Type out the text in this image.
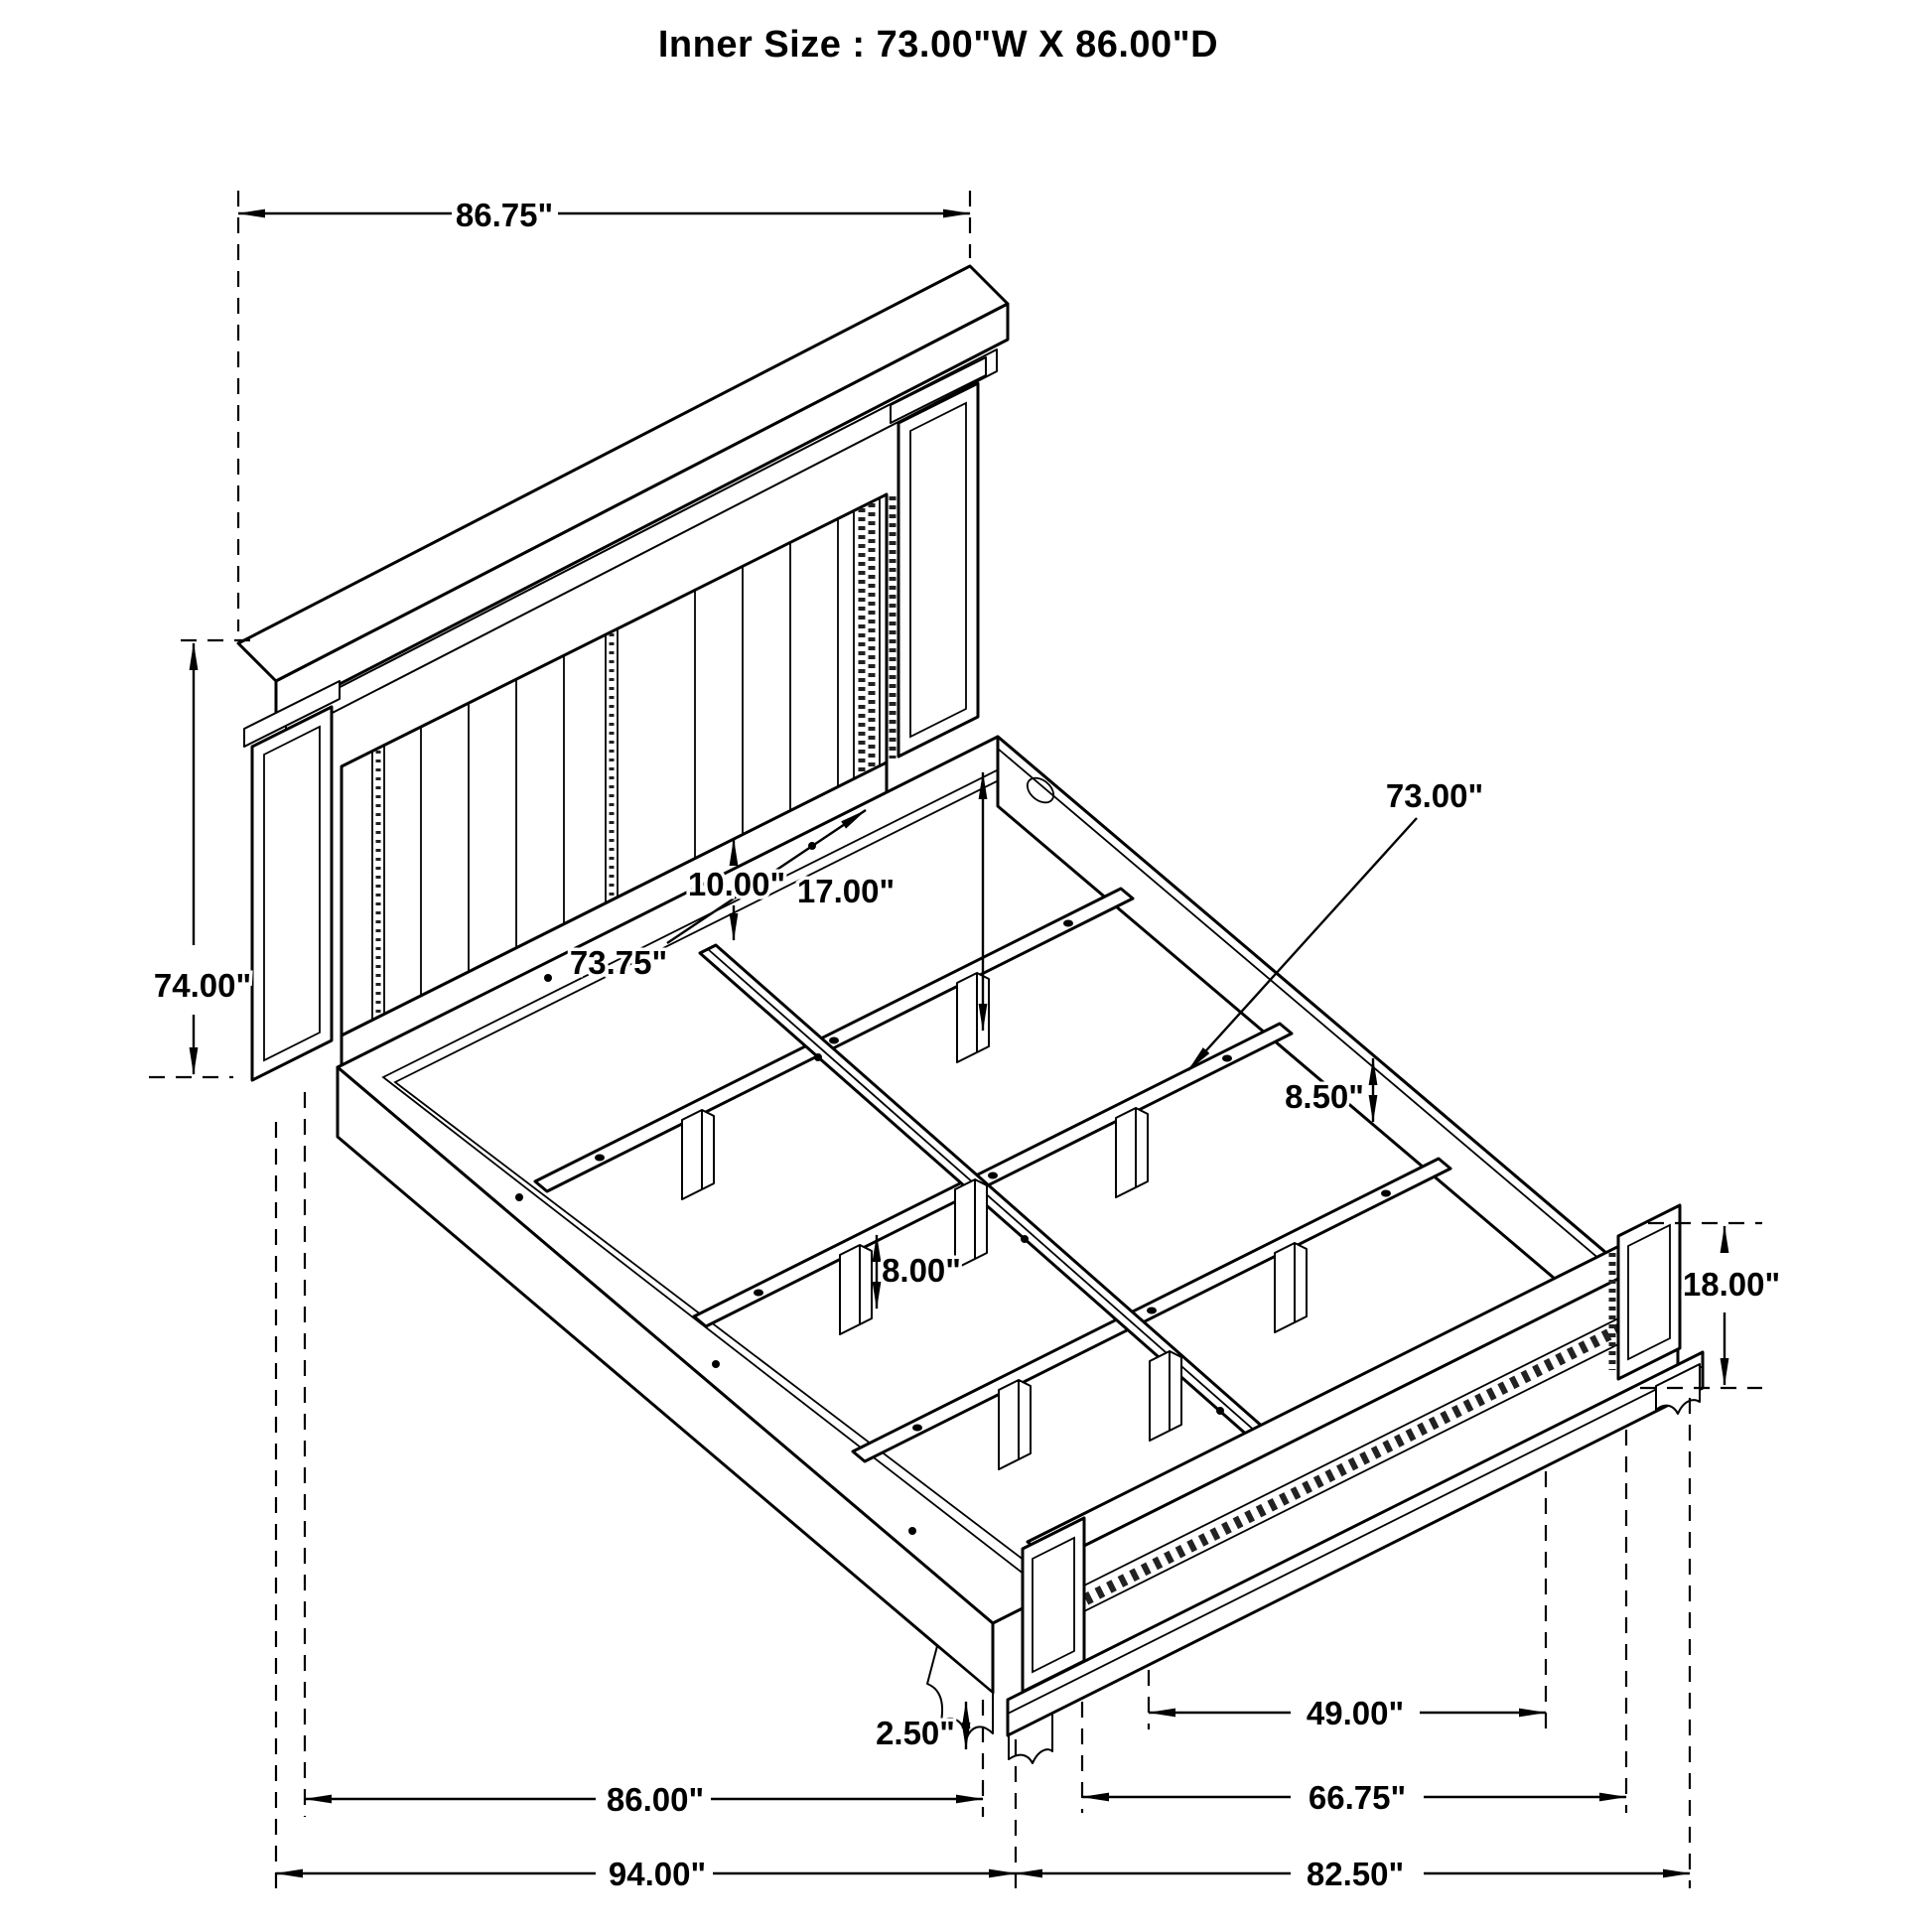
Inner Size : 73.00"W X 86.00"D
86.75"
74.00"
73.75"
10.00" 17.00"
73.00"
8.50"
8.00"	18.00"
2.50"
86.00"
94.00"
49.00"
66.75"
82.50"
